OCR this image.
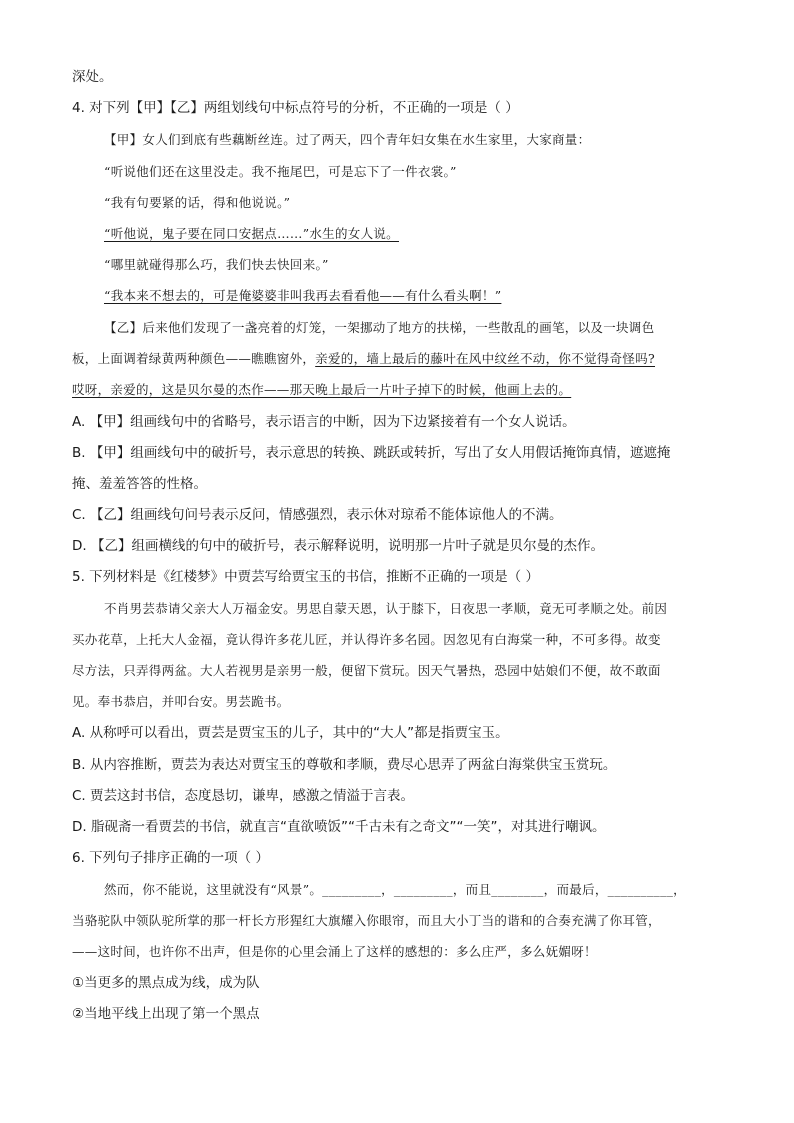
深处。
4. 对下列【甲】【乙】两组划线句中标点符号的分析，不正确的一项是（ ）
【甲】女人们到底有些藕断丝连。过了两天，四个青年妇女集在水生家里，大家商量：
“听说他们还在这里没走。我不拖尾巴，可是忘下了一件衣裳。”
“我有句要紧的话，得和他说说。”
“听他说，鬼子要在同口安据点……”水生的女人说。
“哪里就碰得那么巧，我们快去快回来。”
“我本来不想去的，可是俺婆婆非叫我再去看看他——有什么看头啊！”
【乙】后来他们发现了一盏亮着的灯笼，一架挪动了地方的扶梯，一些散乱的画笔，以及一块调色
板，上面调着绿黄两种颜色——瞧瞧窗外，亲爱的，墙上最后的藤叶在风中纹丝不动，你不觉得奇怪吗?
哎呀，亲爱的，这是贝尔曼的杰作——那天晚上最后一片叶子掉下的时候，他画上去的。
A. 【甲】组画线句中的省略号，表示语言的中断，因为下边紧接着有一个女人说话。
B. 【甲】组画线句中的破折号，表示意思的转换、跳跃或转折，写出了女人用假话掩饰真情，遮遮掩
掩、羞羞答答的性格。
C. 【乙】组画线句问号表示反问，情感强烈，表示休对琼希不能体谅他人的不满。
D. 【乙】组画横线的句中的破折号，表示解释说明，说明那一片叶子就是贝尔曼的杰作。
5. 下列材料是《红楼梦》中贾芸写给贾宝玉的书信，推断不正确的一项是（ ）
不肖男芸恭请父亲大人万福金安。男思自蒙天恩，认于膝下，日夜思一孝顺，竟无可孝顺之处。前因
买办花草，上托大人金福，竟认得许多花儿匠，并认得许多名园。因忽见有白海棠一种，不可多得。故变
尽方法，只弄得两盆。大人若视男是亲男一般，便留下赏玩。因天气暑热，恐园中姑娘们不便，故不敢面
见。奉书恭启，并叩台安。男芸跪书。
A. 从称呼可以看出，贾芸是贾宝玉的儿子，其中的“大人”都是指贾宝玉。
B. 从内容推断，贾芸为表达对贾宝玉的尊敬和孝顺，费尽心思弄了两盆白海棠供宝玉赏玩。
C. 贾芸这封书信，态度恳切，谦卑，感激之情溢于言表。
D. 脂砚斋一看贾芸的书信，就直言“直欲喷饭”“千古未有之奇文”“一笑”，对其进行嘲讽。
6. 下列句子排序正确的一项（ ）
然而，你不能说，这里就没有“风景”。_________，_________，而且________，而最后，__________，
当骆驼队中领队驼所掌的那一杆长方形猩红大旗耀入你眼帘，而且大小丁当的谐和的合奏充满了你耳管，
——这时间，也许你不出声，但是你的心里会涌上了这样的感想的：多么庄严，多么妩媚呀！
①当更多的黑点成为线，成为队
②当地平线上出现了第一个黑点
